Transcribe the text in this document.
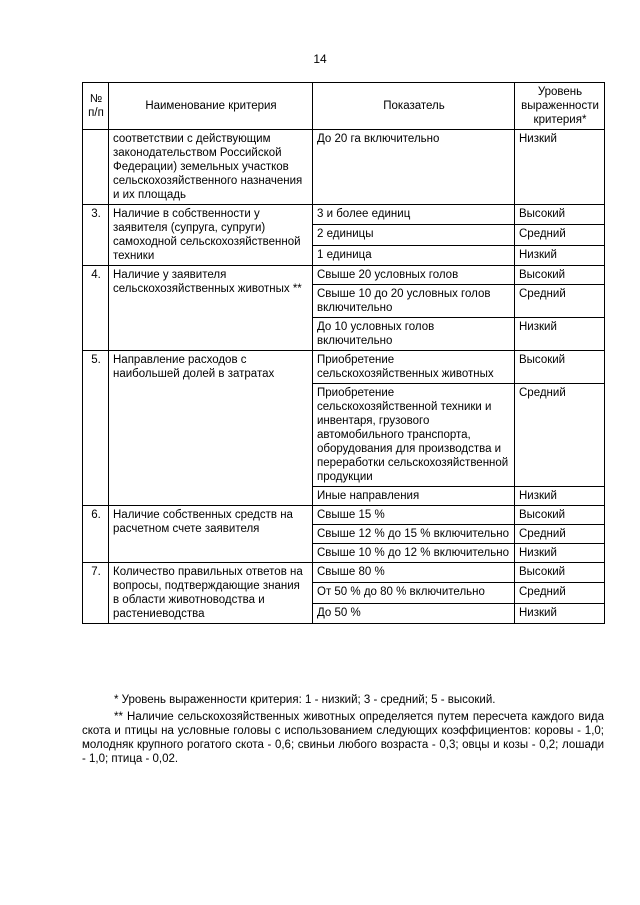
14
№ п/п	Наименование критерия	Показатель	Уровень выраженности критерия*
	соответствии с действующим законодательством Российской Федерации) земельных участков сельскохозяйственного назначения и их площадь	До 20 га включительно	Низкий
3.	Наличие в собственности у заявителя (супруга, супруги) самоходной сельскохозяйственной техники	3 и более единиц	Высокий
		2 единицы	Средний
		1 единица	Низкий
4.	Наличие у заявителя сельскохозяйственных животных **	Свыше 20 условных голов	Высокий
		Свыше 10 до 20 условных голов включительно	Средний
		До 10 условных голов включительно	Низкий
5.	Направление расходов с наибольшей долей в затратах	Приобретение сельскохозяйственных животных	Высокий
		Приобретение сельскохозяйственной техники и инвентаря, грузового автомобильного транспорта, оборудования для производства и переработки сельскохозяйственной продукции	Средний
		Иные направления	Низкий
6.	Наличие собственных средств на расчетном счете заявителя	Свыше 15 %	Высокий
		Свыше 12 % до 15 % включительно	Средний
		Свыше 10 % до 12 % включительно	Низкий
7.	Количество правильных ответов на вопросы, подтверждающие знания в области животноводства и растениеводства	Свыше 80 %	Высокий
		От 50 % до 80 % включительно	Средний
		До 50 %	Низкий

* Уровень выраженности критерия: 1 - низкий; 3 - средний; 5 - высокий.

** Наличие сельскохозяйственных животных определяется путем пересчета каждого вида скота и птицы на условные головы с использованием следующих коэффициентов: коровы - 1,0; молодняк крупного рогатого скота - 0,6; свиньи любого возраста - 0,3; овцы и козы - 0,2; лошади - 1,0; птица - 0,02.
